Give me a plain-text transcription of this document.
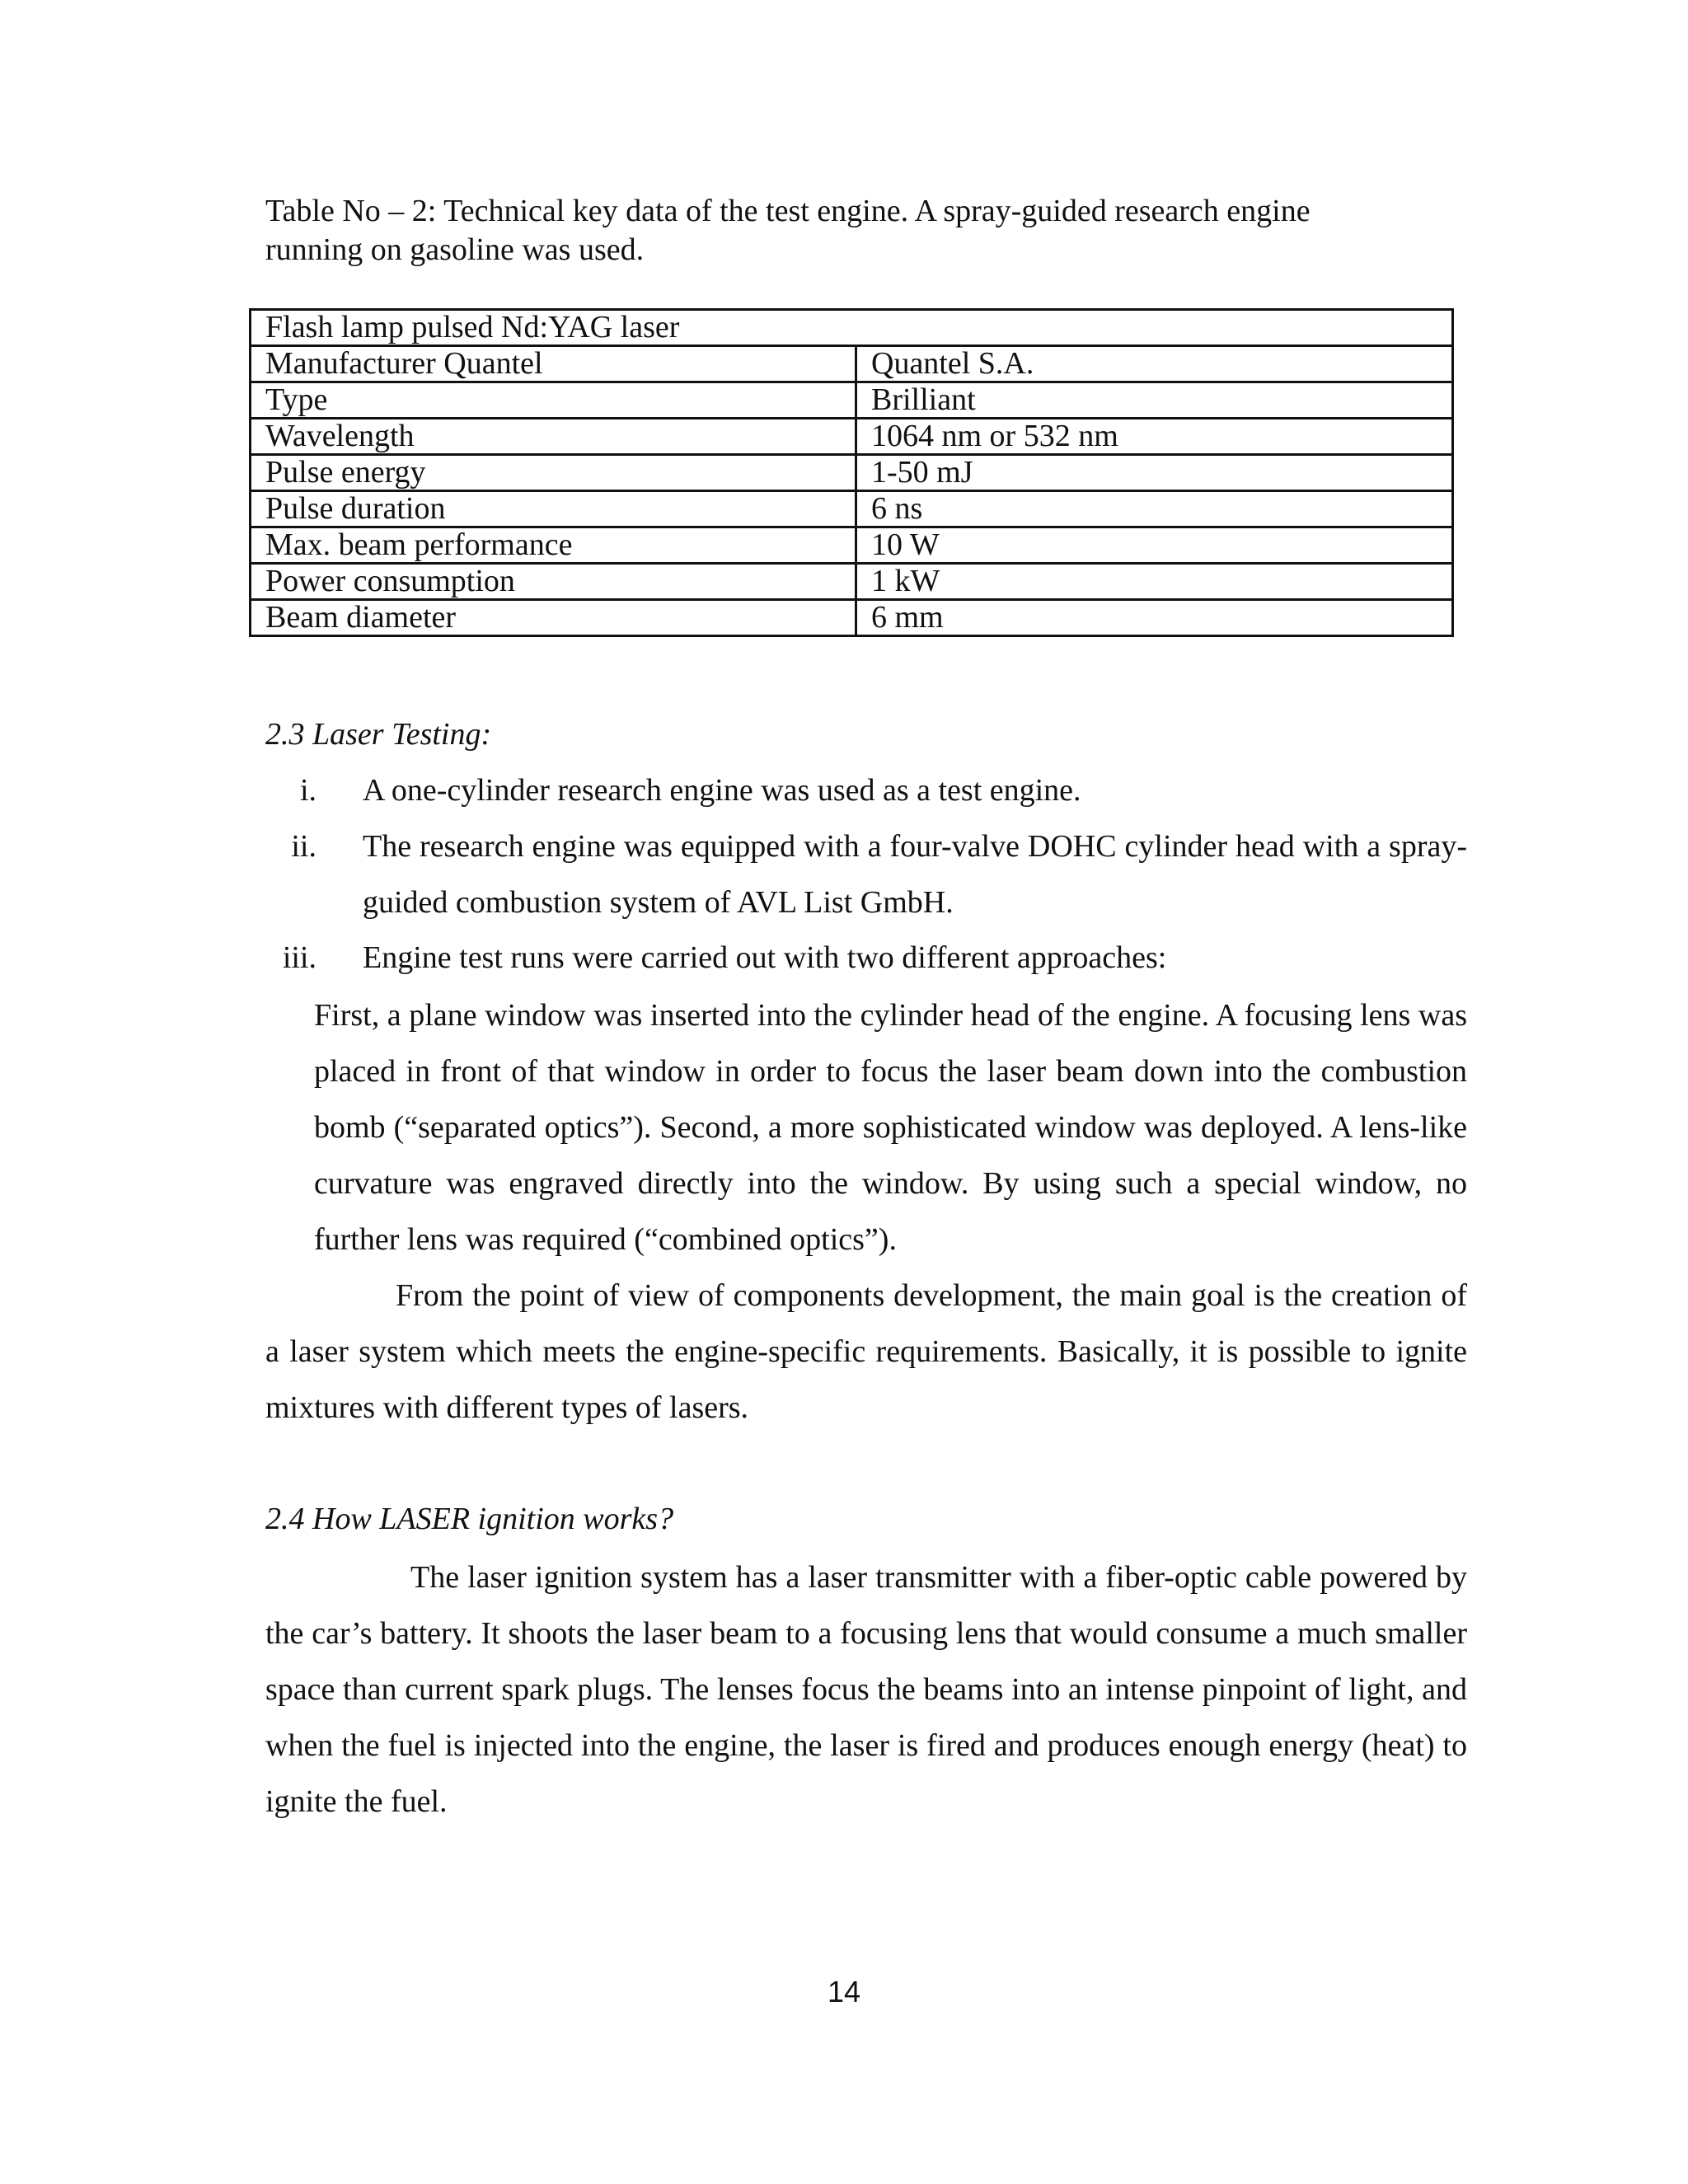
Table No – 2: Technical key data of the test engine. A spray-guided research engine
running on gasoline was used.
Flash lamp pulsed Nd:YAG laser	
Manufacturer Quantel	Quantel S.A.
Type	Brilliant
Wavelength	1064 nm or 532 nm
Pulse energy	1-50 mJ
Pulse duration	6 ns
Max. beam performance	10 W
Power consumption	1 kW
Beam diameter	6 mm
2.3 Laser Testing:
i. A one-cylinder research engine was used as a test engine.
ii. The research engine was equipped with a four-valve DOHC cylinder head with a spray-guided combustion system of AVL List GmbH.
iii. Engine test runs were carried out with two different approaches:
First, a plane window was inserted into the cylinder head of the engine. A focusing lens was placed in front of that window in order to focus the laser beam down into the combustion bomb (“separated optics”). Second, a more sophisticated window was deployed. A lens-like curvature was engraved directly into the window. By using such a special window, no further lens was required (“combined optics”).
From the point of view of components development, the main goal is the creation of a laser system which meets the engine-specific requirements. Basically, it is possible to ignite mixtures with different types of lasers.
2.4 How LASER ignition works?
The laser ignition system has a laser transmitter with a fiber-optic cable powered by the car’s battery. It shoots the laser beam to a focusing lens that would consume a much smaller space than current spark plugs. The lenses focus the beams into an intense pinpoint of light, and when the fuel is injected into the engine, the laser is fired and produces enough energy (heat) to ignite the fuel.
14
